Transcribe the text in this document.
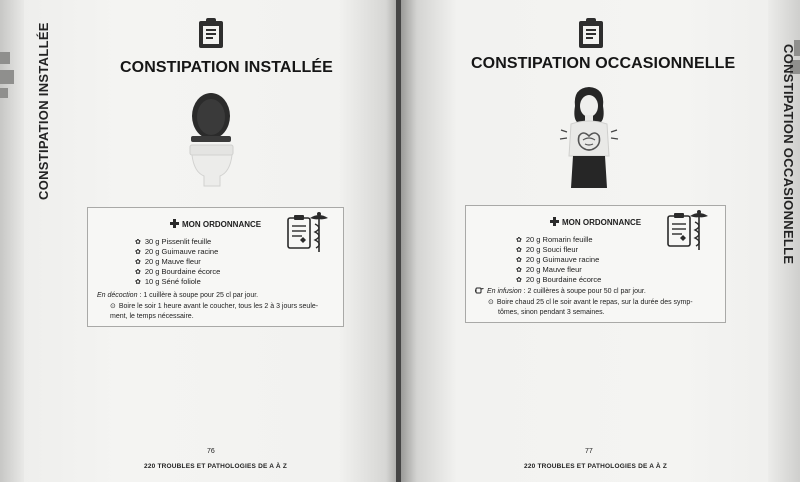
CONSTIPATION INSTALLÉE	CONSTIPATION INSTALLÉE
MON ORDONNANCE
✿ 30 g Pissenlit feuille
✿ 20 g Guimauve racine
✿ 20 g Mauve fleur
✿ 20 g Bourdaine écorce
✿ 10 g Séné foliole
En décoction : 1 cuillère à soupe pour 25 cl par jour.
⊙ Boire le soir 1 heure avant le coucher, tous les 2 à 3 jours seule-
ment, le temps nécessaire.
76
220 TROUBLES ET PATHOLOGIES DE A À Z
CONSTIPATION OCCASIONNELLE
CONSTIPATION OCCASIONNELLE
MON ORDONNANCE
✿ 20 g Romarin feuille
✿ 20 g Souci fleur
✿ 20 g Guimauve racine
✿ 20 g Mauve fleur
✿ 20 g Bourdaine écorce
En infusion : 2 cuillères à soupe pour 50 cl par jour.
⊙ Boire chaud 25 cl le soir avant le repas, sur la durée des symp-
tômes, sinon pendant 3 semaines.
77
220 TROUBLES ET PATHOLOGIES DE A À Z
